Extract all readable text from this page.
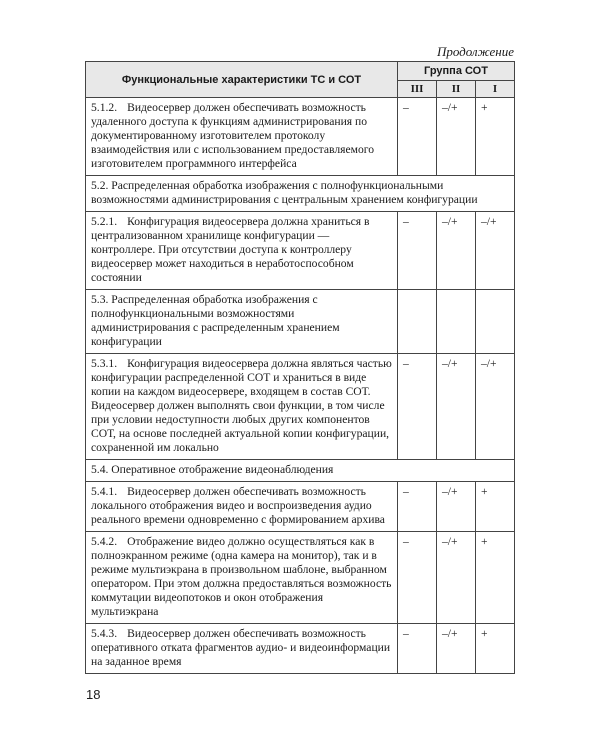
Продолжение
Функциональные характеристики ТС и СОТ	Группа СОТ		
	III	II	I
5.1.2. Видеосервер должен обеспечивать возможность удаленного доступа к функциям администрирования по документированному изготовителем протоколу взаимодействия или с использованием предоставляемого изготовителем программного интерфейса	–	–/+	+
5.2. Распределенная обработка изображения с полнофункциональными возможностями администрирования с центральным хранением конфигурации			
5.2.1. Конфигурация видеосервера должна храниться в централизованном хранилище конфигурации — контроллере. При отсутствии доступа к контроллеру видеосервер может находиться в неработоспособном состоянии	–	–/+	–/+
5.3. Распределенная обработка изображения с полнофункциональными возможностями администрирования с распределенным хранением конфигурации			
5.3.1. Конфигурация видеосервера должна являться частью конфигурации распределенной СОТ и храниться в виде копии на каждом видеосервере, входящем в состав СОТ. Видеосервер должен выполнять свои функции, в том числе при условии недоступности любых других компонентов СОТ, на основе последней актуальной копии конфигурации, сохраненной им локально	–	–/+	–/+
5.4. Оперативное отображение видеонаблюдения			
5.4.1. Видеосервер должен обеспечивать возможность локального отображения видео и воспроизведения аудио реального времени одновременно с формированием архива	–	–/+	+
5.4.2. Отображение видео должно осуществляться как в полноэкранном режиме (одна камера на монитор), так и в режиме мультиэкрана в произвольном шаблоне, выбранном оператором. При этом должна предоставляться возможность коммутации видеопотоков и окон отображения мультиэкрана	–	–/+	+
5.4.3. Видеосервер должен обеспечивать возможность оперативного отката фрагментов аудио- и видеоинформации на заданное время	–	–/+	+
18
